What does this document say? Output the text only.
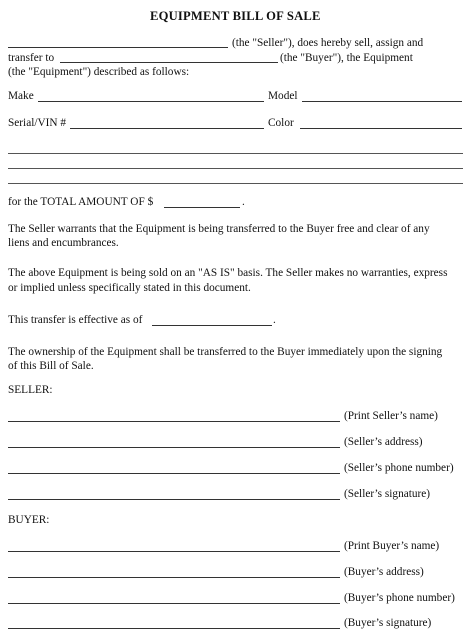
EQUIPMENT BILL OF SALE
(the "Seller"), does hereby sell, assign and
transfer to	(the "Buyer"), the Equipment
(the "Equipment") described as follows:
Make	Model
Serial/VIN #	Color
for the TOTAL AMOUNT OF $	.
The Seller warrants that the Equipment is being transferred to the Buyer free and clear of any
liens and encumbrances.
The above Equipment is being sold on an "AS IS" basis. The Seller makes no warranties, express
or implied unless specifically stated in this document.
This transfer is effective as of	.
The ownership of the Equipment shall be transferred to the Buyer immediately upon the signing
of this Bill of Sale.
SELLER:
(Print Seller’s name)
(Seller’s address)
(Seller’s phone number)
(Seller’s signature)
BUYER:
(Print Buyer’s name)
(Buyer’s address)
(Buyer’s phone number)
(Buyer’s signature)
